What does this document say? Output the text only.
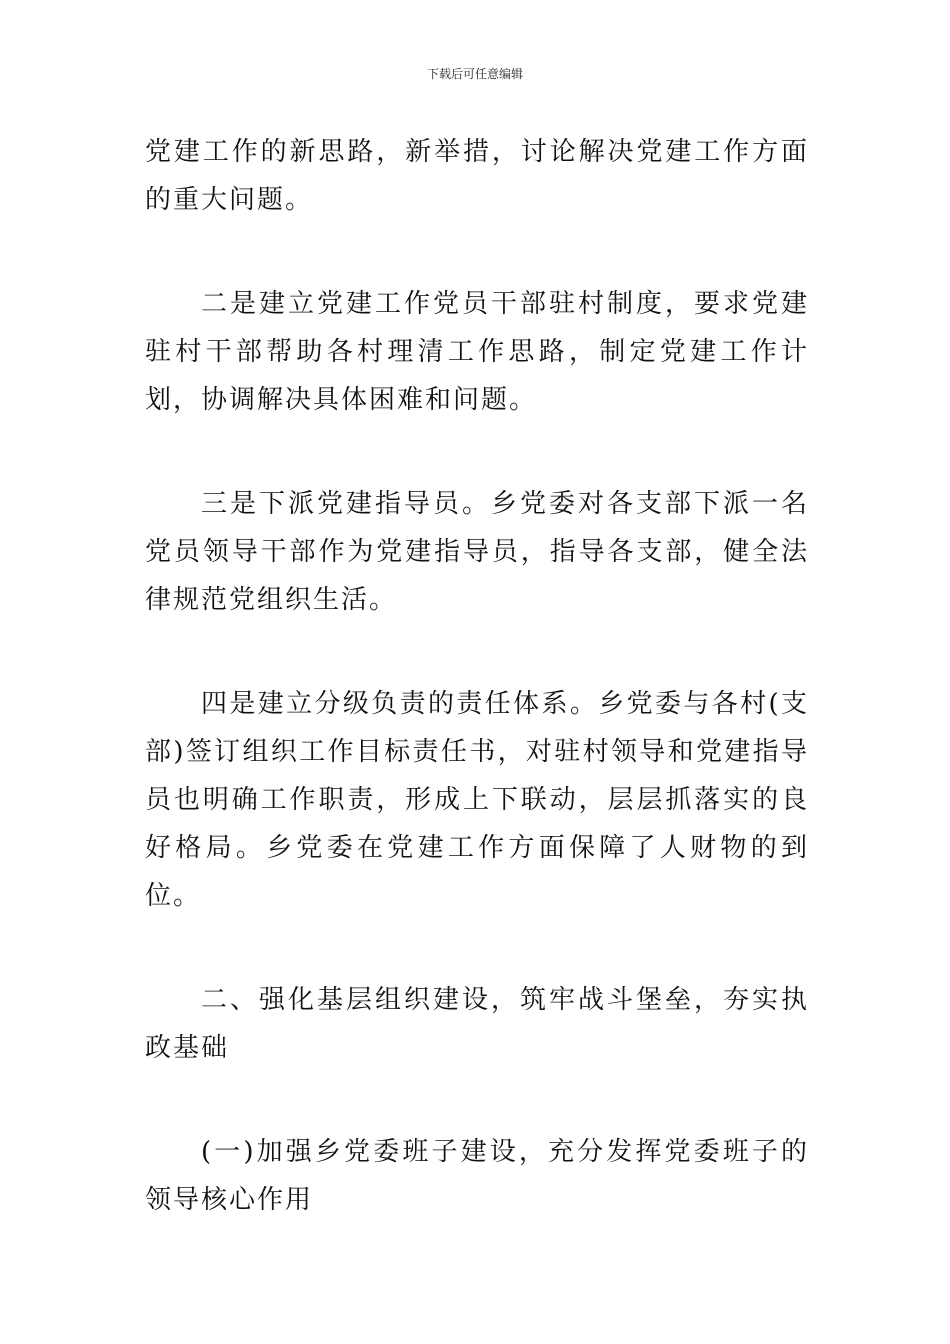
下载后可任意编辑

党建工作的新思路，新举措，讨论解决党建工作方面的重大问题。

二是建立党建工作党员干部驻村制度，要求党建驻村干部帮助各村理清工作思路，制定党建工作计划，协调解决具体困难和问题。

三是下派党建指导员。乡党委对各支部下派一名党员领导干部作为党建指导员，指导各支部，健全法律规范党组织生活。

四是建立分级负责的责任体系。乡党委与各村(支部)签订组织工作目标责任书，对驻村领导和党建指导员也明确工作职责，形成上下联动，层层抓落实的良好格局。乡党委在党建工作方面保障了人财物的到位。

二、强化基层组织建设，筑牢战斗堡垒，夯实执政基础

(一)加强乡党委班子建设，充分发挥党委班子的领导核心作用
